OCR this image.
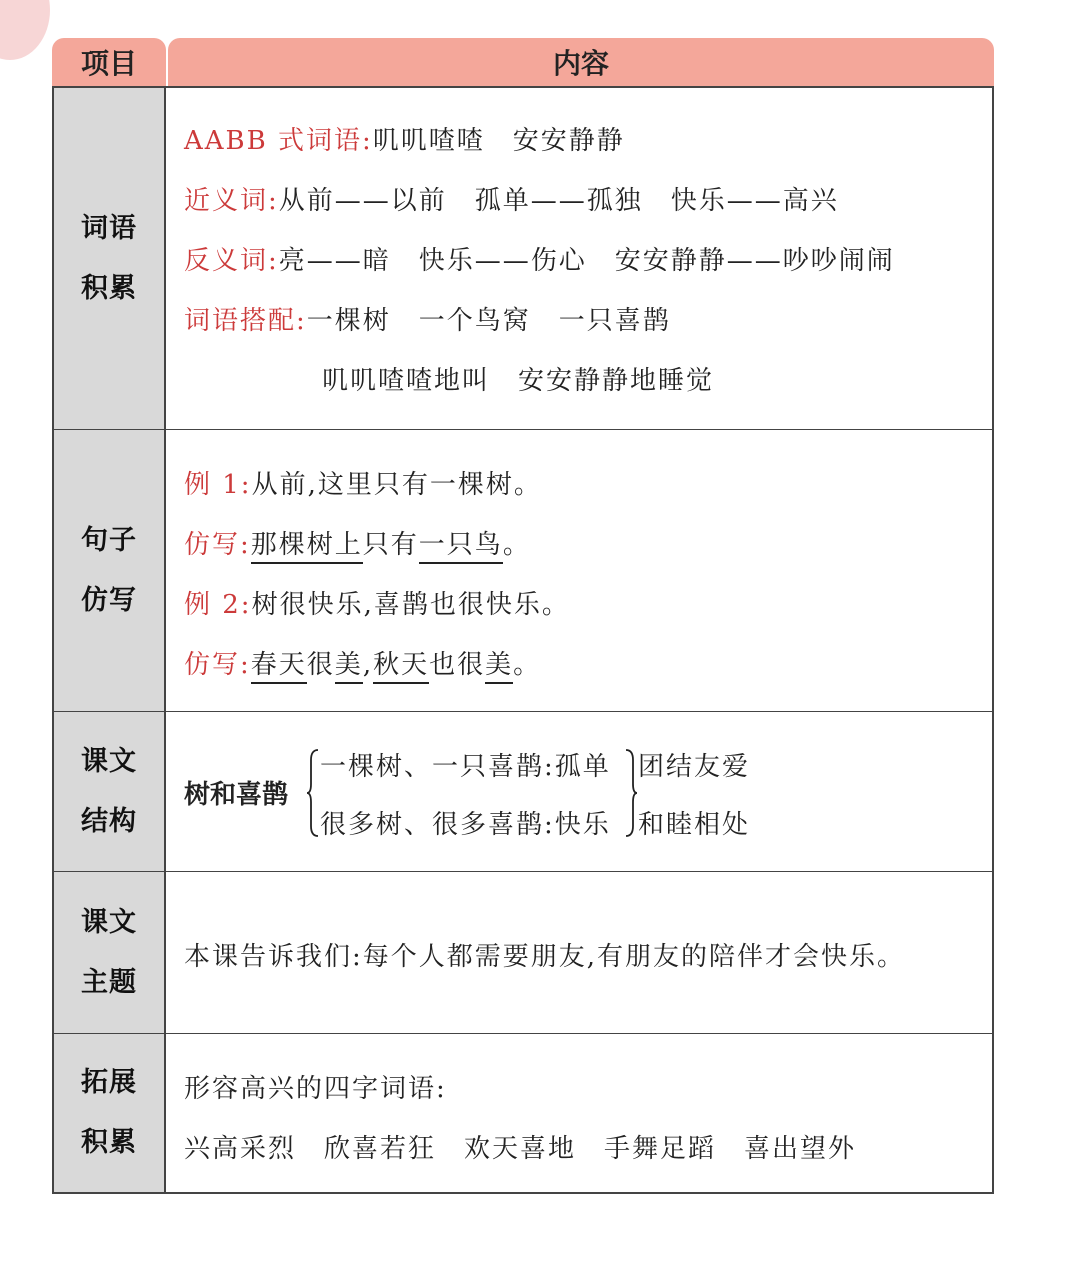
项目	内容
词语
积累
AABB 式词语:叽叽喳喳　安安静静
近义词:从前——以前　孤单——孤独　快乐——高兴
反义词:亮——暗　快乐——伤心　安安静静——吵吵闹闹
词语搭配:一棵树　一个鸟窝　一只喜鹊
叽叽喳喳地叫　安安静静地睡觉
句子
仿写
例 1:从前,这里只有一棵树。
仿写:那棵树上只有一只鸟。
例 2:树很快乐,喜鹊也很快乐。
仿写:春天很美,秋天也很美。
课文
结构
树和喜鹊
一棵树、一只喜鹊:孤单
很多树、很多喜鹊:快乐
团结友爱
和睦相处
课文
主题
本课告诉我们:每个人都需要朋友,有朋友的陪伴才会快乐。
拓展
积累
形容高兴的四字词语:
兴高采烈　欣喜若狂　欢天喜地　手舞足蹈　喜出望外
